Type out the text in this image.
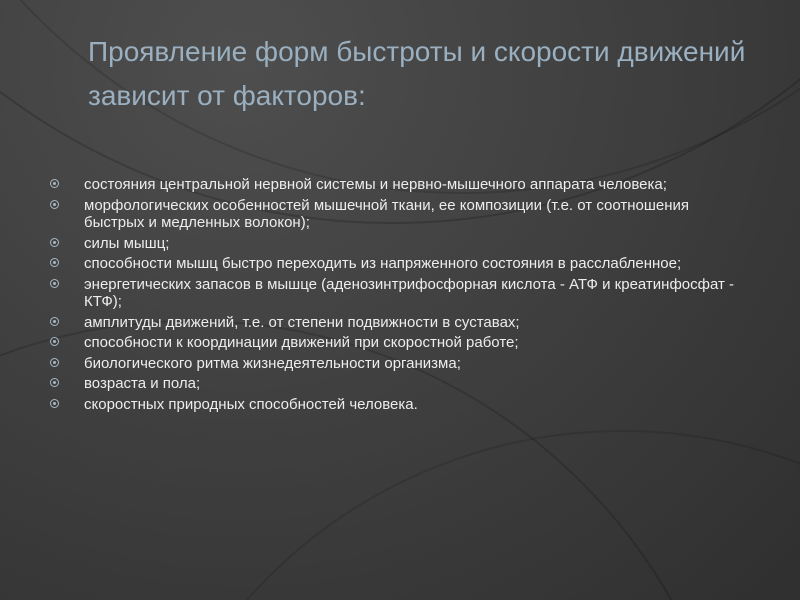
Проявление форм быстроты и скорости движений зависит от факторов:
состояния центральной нервной системы и нервно-мышечного аппарата человека;
морфологических особенностей мышечной ткани, ее композиции (т.е. от соотношения быстрых и медленных волокон);
силы мышц;
способности мышц быстро переходить из напряженного состояния в расслабленное;
энергетических запасов в мышце (аденозинтрифосфорная кислота - АТФ и креатинфосфат - КТФ);
амплитуды движений, т.е. от степени подвижности в суставах;
способности к координации движений при скоростной работе;
биологического ритма жизнедеятельности организма;
возраста и пола;
скоростных природных способностей человека.
